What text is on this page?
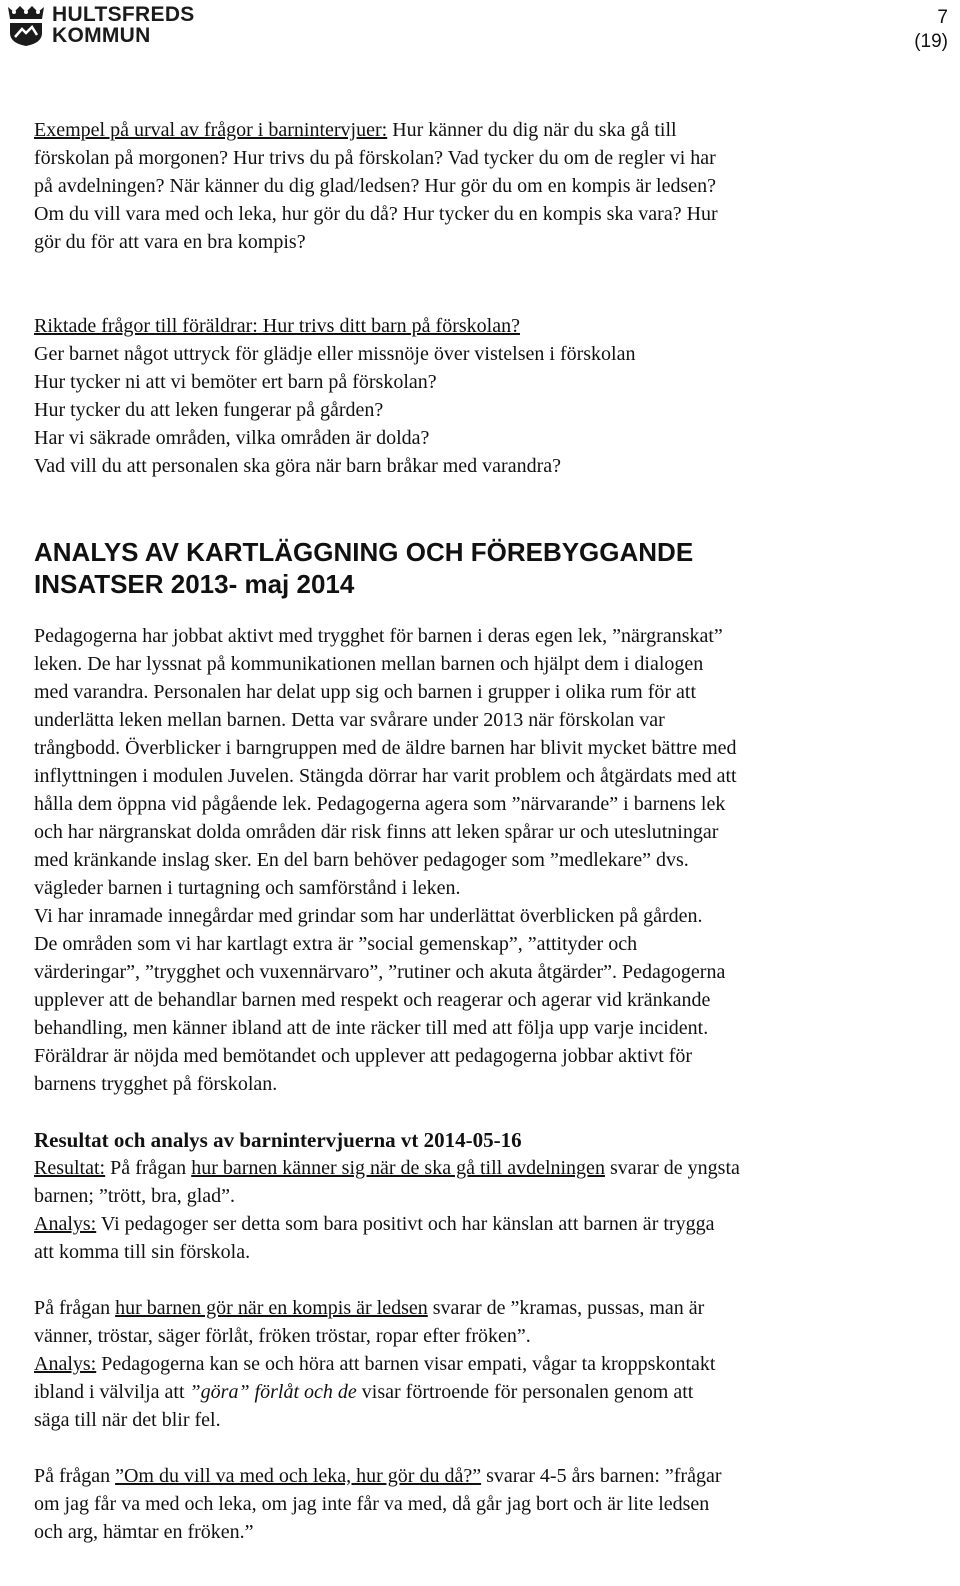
HULTSFREDS
KOMMUN
7
(19)

Exempel på urval av frågor i barnintervjuer: Hur känner du dig när du ska gå till
förskolan på morgonen? Hur trivs du på förskolan? Vad tycker du om de regler vi har
på avdelningen? När känner du dig glad/ledsen? Hur gör du om en kompis är ledsen?
Om du vill vara med och leka, hur gör du då? Hur tycker du en kompis ska vara? Hur
gör du för att vara en bra kompis?

Riktade frågor till föräldrar: Hur trivs ditt barn på förskolan?
Ger barnet något uttryck för glädje eller missnöje över vistelsen i förskolan
Hur tycker ni att vi bemöter ert barn på förskolan?
Hur tycker du att leken fungerar på gården?
Har vi säkrade områden, vilka områden är dolda?
Vad vill du att personalen ska göra när barn bråkar med varandra?

ANALYS AV KARTLÄGGNING OCH FÖREBYGGANDE
INSATSER 2013- maj 2014

Pedagogerna har jobbat aktivt med trygghet för barnen i deras egen lek, ”närgranskat”
leken. De har lyssnat på kommunikationen mellan barnen och hjälpt dem i dialogen
med varandra. Personalen har delat upp sig och barnen i grupper i olika rum för att
underlätta leken mellan barnen. Detta var svårare under 2013 när förskolan var
trångbodd. Överblicker i barngruppen med de äldre barnen har blivit mycket bättre med
inflyttningen i modulen Juvelen. Stängda dörrar har varit problem och åtgärdats med att
hålla dem öppna vid pågående lek. Pedagogerna agera som ”närvarande” i barnens lek
och har närgranskat dolda områden där risk finns att leken spårar ur och uteslutningar
med kränkande inslag sker. En del barn behöver pedagoger som ”medlekare” dvs.
vägleder barnen i turtagning och samförstånd i leken.
Vi har inramade innegårdar med grindar som har underlättat överblicken på gården.
De områden som vi har kartlagt extra är ”social gemenskap”, ”attityder och
värderingar”, ”trygghet och vuxennärvaro”, ”rutiner och akuta åtgärder”. Pedagogerna
upplever att de behandlar barnen med respekt och reagerar och agerar vid kränkande
behandling, men känner ibland att de inte räcker till med att följa upp varje incident.
Föräldrar är nöjda med bemötandet och upplever att pedagogerna jobbar aktivt för
barnens trygghet på förskolan.

Resultat och analys av barnintervjuerna vt 2014-05-16

Resultat: På frågan hur barnen känner sig när de ska gå till avdelningen svarar de yngsta
barnen; ”trött, bra, glad”.
Analys: Vi pedagoger ser detta som bara positivt och har känslan att barnen är trygga
att komma till sin förskola.

På frågan hur barnen gör när en kompis är ledsen svarar de ”kramas, pussas, man är
vänner, tröstar, säger förlåt, fröken tröstar, ropar efter fröken”.
Analys: Pedagogerna kan se och höra att barnen visar empati, vågar ta kroppskontakt
ibland i välvilja att ”göra” förlåt och de visar förtroende för personalen genom att
säga till när det blir fel.

På frågan ”Om du vill va med och leka, hur gör du då?” svarar 4-5 års barnen: ”frågar
om jag får va med och leka, om jag inte får va med, då går jag bort och är lite ledsen
och arg, hämtar en fröken.”
